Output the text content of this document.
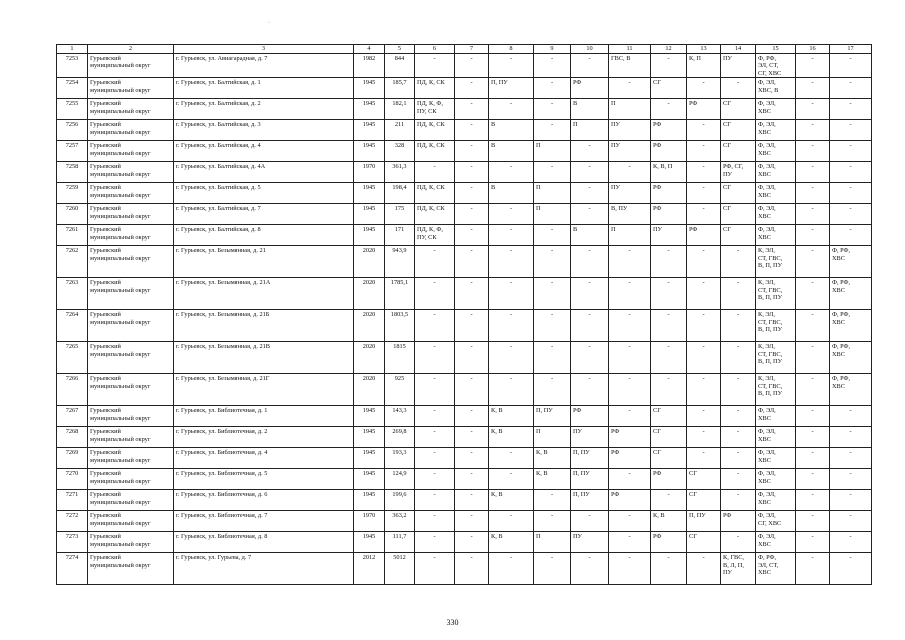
·
1	2	3	4	5	6	7	8	9	10	11	12	13	14	15	16	17
7253	Гурьевский
муниципальный округ	г. Гурьевск, ул. Авиагарадная, д. 7	1982	844	-	-	-	-	-	ГВС, В	-	К, П	ПУ	Ф, РФ,
ЭЛ, СТ,
СГ, ХВС	-	-
7254	Гурьевский
муниципальный округ	г. Гурьевск, ул. Балтийская, д. 1	1945	185,7	ПД, К, СК	-	П, ПУ	-	РФ	-	СГ	-	-	Ф, ЭЛ,
ХВС, В	-	-
7255	Гурьевский
муниципальный округ	г. Гурьевск, ул. Балтийская, д. 2	1945	182,1	ПД, К, Ф,
ПУ, СК	-	-	-	В	П	-	РФ	СГ	Ф, ЭЛ,
ХВС	-	-
7256	Гурьевский
муниципальный округ	г. Гурьевск, ул. Балтийская, д. 3	1945	211	ПД, К, СК	-	В	-	П	ПУ	РФ	-	СГ	Ф, ЭЛ,
ХВС	-	-
7257	Гурьевский
муниципальный округ	г. Гурьевск, ул. Балтийская, д. 4	1945	328	ПД, К, СК	-	В	П	-	ПУ	РФ	-	СГ	Ф, ЭЛ,
ХВС	-	-
7258	Гурьевский
муниципальный округ	г. Гурьевск, ул. Балтийская, д. 4А	1970	361,3	-	-	-	-	-	-	К, В, П	-	РФ, СГ,
ПУ	Ф, ЭЛ,
ХВС	-	-
7259	Гурьевский
муниципальный округ	г. Гурьевск, ул. Балтийская, д. 5	1945	198,4	ПД, К, СК	-	В	П	-	ПУ	РФ	-	СГ	Ф, ЭЛ,
ХВС	-	-
7260	Гурьевский
муниципальный округ	г. Гурьевск, ул. Балтийская, д. 7	1945	175	ПД, К, СК	-	-	П	-	В, ПУ	РФ	-	СГ	Ф, ЭЛ,
ХВС	-	-
7261	Гурьевский
муниципальный округ	г. Гурьевск, ул. Балтийская, д. 8	1945	171	ПД, К, Ф,
ПУ, СК	-	-	-	В	П	ПУ	РФ	СГ	Ф, ЭЛ,
ХВС	-	-
7262	Гурьевский
муниципальный округ	г. Гурьевск, ул. Безымянная, д. 21	2020	943,9	-	-	-	-	-	-	-	-	-	К, ЭЛ,
СТ, ГВС,
В, П, ПУ	-	Ф, РФ,
ХВС
7263	Гурьевский
муниципальный округ	г. Гурьевск, ул. Безымянная, д. 21А	2020	1785,1	-	-	-	-	-	-	-	-	-	К, ЭЛ,
СТ, ГВС,
В, П, ПУ	-	Ф, РФ,
ХВС
7264	Гурьевский
муниципальный округ	г. Гурьевск, ул. Безымянная, д. 21Б	2020	1803,5	-	-	-	-	-	-	-	-	-	К, ЭЛ,
СТ, ГВС,
В, П, ПУ	-	Ф, РФ,
ХВС
7265	Гурьевский
муниципальный округ	г. Гурьевск, ул. Безымянная, д. 21В	2020	1815	-	-	-	-	-	-	-	-	-	К, ЭЛ,
СТ, ГВС,
В, П, ПУ	-	Ф, РФ,
ХВС
7266	Гурьевский
муниципальный округ	г. Гурьевск, ул. Безымянная, д. 21Г	2020	925	-	-	-	-	-	-	-	-	-	К, ЭЛ,
СТ, ГВС,
В, П, ПУ	-	Ф, РФ,
ХВС
7267	Гурьевский
муниципальный округ	г. Гурьевск, ул. Библиотечная, д. 1	1945	143,3	-	-	К, В	П, ПУ	РФ	-	СГ	-	-	Ф, ЭЛ,
ХВС	-	-
7268	Гурьевский
муниципальный округ	г. Гурьевск, ул. Библиотечная, д. 2	1945	269,8	-	-	К, В	П	ПУ	РФ	СГ	-	-	Ф, ЭЛ,
ХВС	-	-
7269	Гурьевский
муниципальный округ	г. Гурьевск, ул. Библиотечная, д. 4	1945	193,3	-	-	-	К, В	П, ПУ	РФ	СГ	-	-	Ф, ЭЛ,
ХВС	-	-
7270	Гурьевский
муниципальный округ	г. Гурьевск, ул. Библиотечная, д. 5	1945	124,9	-	-	-	К, В	П, ПУ	-	РФ	СГ	-	Ф, ЭЛ,
ХВС	-	-
7271	Гурьевский
муниципальный округ	г. Гурьевск, ул. Библиотечная, д. 6	1945	199,6	-	-	К, В	-	П, ПУ	РФ	-	СГ	-	Ф, ЭЛ,
ХВС	-	-
7272	Гурьевский
муниципальный округ	г. Гурьевск, ул. Библиотечная, д. 7	1970	363,2	-	-	-	-	-	-	К, В	П, ПУ	РФ	Ф, ЭЛ,
СГ, ХВС	-	-
7273	Гурьевский
муниципальный округ	г. Гурьевск, ул. Библиотечная, д. 8	1945	111,7	-	-	К, В	П	ПУ	-	РФ	СГ	-	Ф, ЭЛ,
ХВС	-	-
7274	Гурьевский
муниципальный округ	г. Гурьевск, ул. Гурьева, д. 7	2012	5012	-	-	-	-	-	-	-	-	К, ГВС,
В, Л, П,
ПУ	Ф, РФ,
ЭЛ, СТ,
ХВС	-	-
330
